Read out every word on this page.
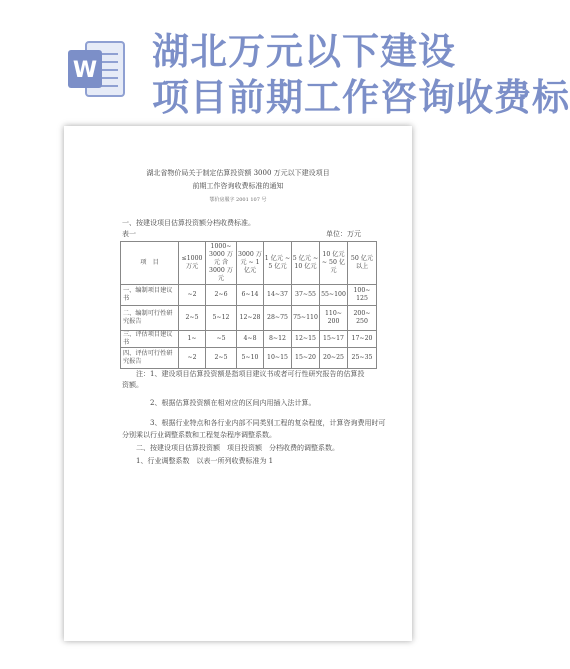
W 湖北万元以下建设
项目前期工作咨询收费标
湖北省物价局关于制定估算投资额 3000 万元以下建设项目
前期工作咨询收费标准的通知
鄂价房服字 2001 107 号
一、按建设项目估算投资额分档收费标准。
表一	单位：万元
项　目	≤1000 万元	1000~ 3000 万元 含3000 万元	3000 万元 ~ 1 亿元	1 亿元 ~ 5 亿元	5 亿元 ~ 10 亿元	10 亿元 ~ 50 亿元	50 亿元 以上
一、编制项目建议书	~2	2~6	6~14	14~37	37~55	55~100	100~ 125
二、编制可行性研究报告	2~5	5~12	12~28	28~75	75~110	110~ 200	200~ 250
三、评估项目建议书	1~	~5	4~8	8~12	12~15	15~17	17~20
四、评估可行性研究报告	~2	2~5	5~10	10~15	15~20	20~25	25~35
注：1、建设项目估算投资额是指项目建议书或者可行性研究报告的估算投
资额。
2、根据估算投资额在相对应的区间内用插入法计算。
3、根据行业特点和各行业内部不同类别工程的复杂程度，计算咨询费用时可
分别乘以行业调整系数和工程复杂程序调整系数。
二、按建设项目估算投资额　项目投资额　分档收费的调整系数。
1、行业调整系数　以表一所列收费标准为 1
